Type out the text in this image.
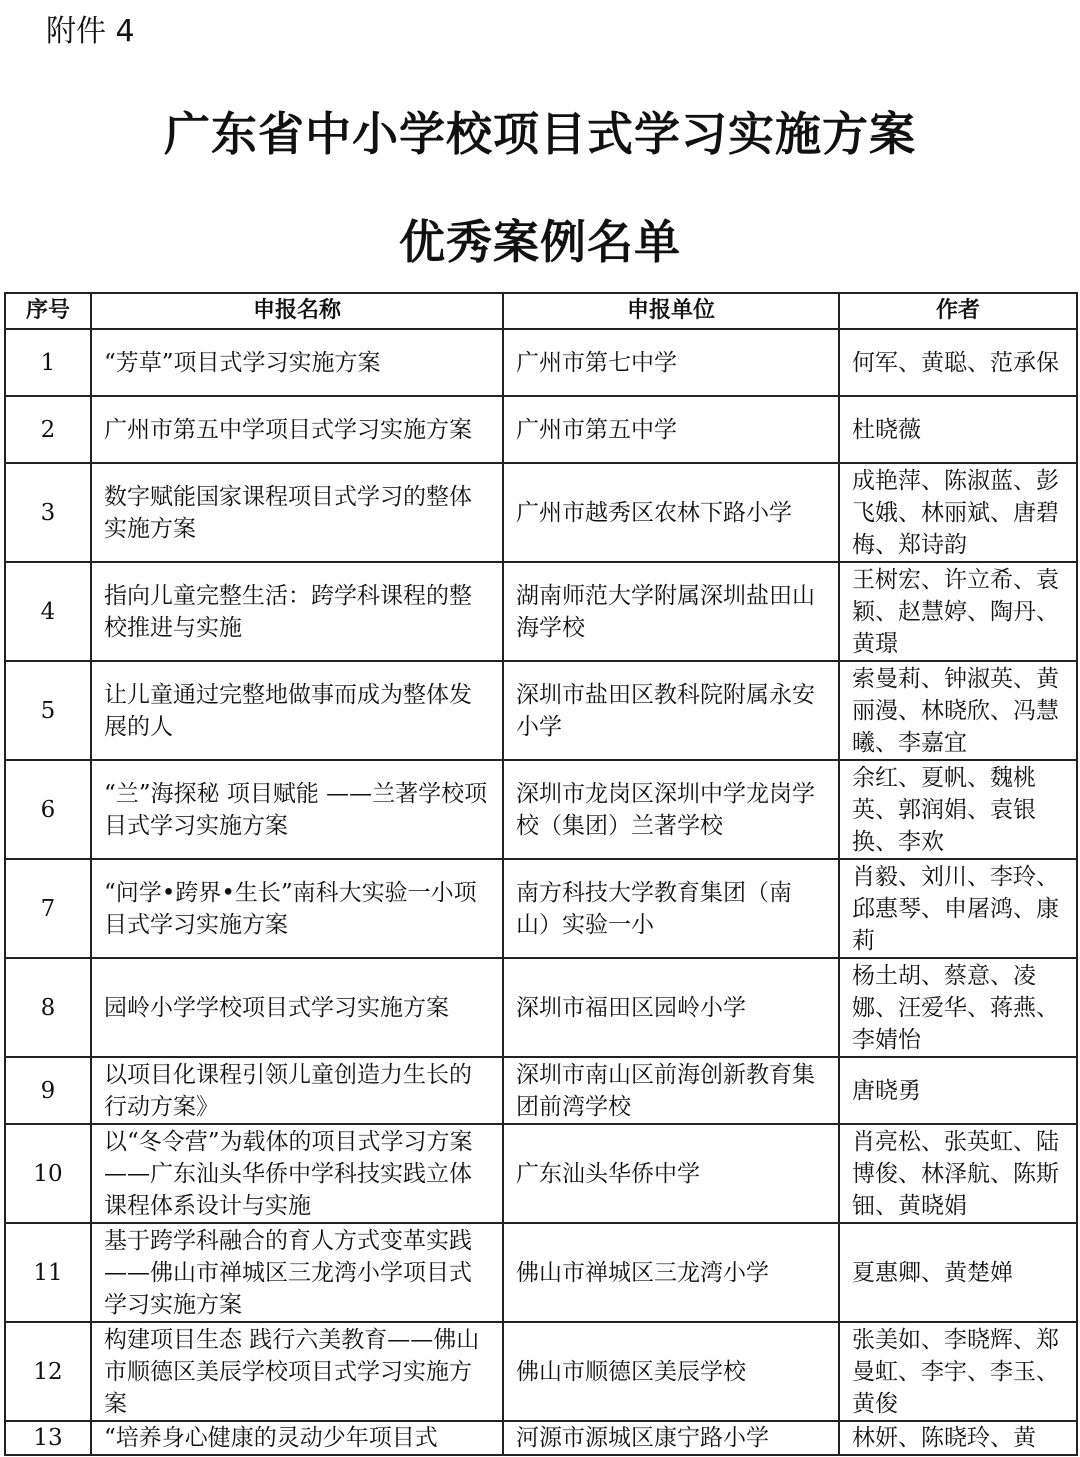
附件 4
广东省中小学校项目式学习实施方案
优秀案例名单
序号	申报名称	申报单位	作者
1	“芳草”项目式学习实施方案	广州市第七中学	何军、黄聪、范承保
2	广州市第五中学项目式学习实施方案	广州市第五中学	杜晓薇
3	数字赋能国家课程项目式学习的整体实施方案	广州市越秀区农林下路小学	成艳萍、陈淑蓝、彭飞娥、林丽斌、唐碧梅、郑诗韵
4	指向儿童完整生活：跨学科课程的整校推进与实施	湖南师范大学附属深圳盐田山海学校	王树宏、许立希、袁颖、赵慧婷、陶丹、黄璟
5	让儿童通过完整地做事而成为整体发展的人	深圳市盐田区教科院附属永安小学	索曼莉、钟淑英、黄丽漫、林晓欣、冯慧曦、李嘉宜
6	“兰”海探秘 项目赋能 ——兰著学校项目式学习实施方案	深圳市龙岗区深圳中学龙岗学校（集团）兰著学校	余红、夏帆、魏桃英、郭润娟、袁银换、李欢
7	“问学•跨界•生长”南科大实验一小项目式学习实施方案	南方科技大学教育集团（南山）实验一小	肖毅、刘川、李玲、邱惠琴、申屠鸿、康莉
8	园岭小学学校项目式学习实施方案	深圳市福田区园岭小学	杨土胡、蔡意、凌娜、汪爱华、蒋燕、李婧怡
9	以项目化课程引领儿童创造力生长的行动方案》	深圳市南山区前海创新教育集团前湾学校	唐晓勇
10	以“冬令营”为载体的项目式学习方案 ——广东汕头华侨中学科技实践立体课程体系设计与实施	广东汕头华侨中学	肖亮松、张英虹、陆博俊、林泽航、陈斯钿、黄晓娟
11	基于跨学科融合的育人方式变革实践 ——佛山市禅城区三龙湾小学项目式学习实施方案	佛山市禅城区三龙湾小学	夏惠卿、黄楚婵
12	构建项目生态 践行六美教育——佛山市顺德区美辰学校项目式学习实施方案	佛山市顺德区美辰学校	张美如、李晓辉、郑曼虹、李宇、李玉、黄俊
13	“培养身心健康的灵动少年项目式	河源市源城区康宁路小学	林妍、陈晓玲、黄
